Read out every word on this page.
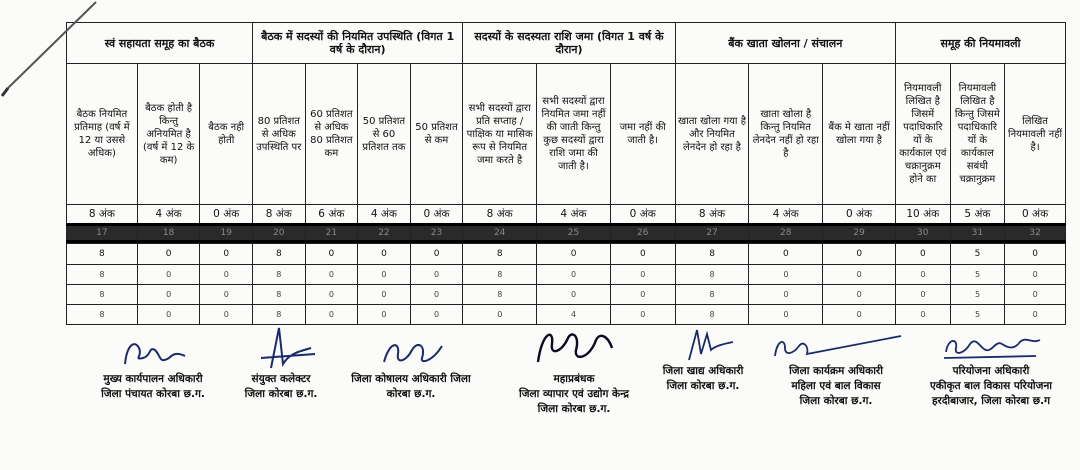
स्वं सहायता समूह का बैठक			बैठक में सदस्यों की नियमित उपस्थिति (विगत 1 वर्ष के दौरान)				सदस्यों के सदस्यता राशि जमा (विगत 1 वर्ष के दौरान)			बैंक खाता खोलना / संचालन			समूह की नियमावली		
बैठक नियमित प्रतिमाह (वर्ष में 12 या उससे अधिक)	बैठक होती है किन्तु अनियमित है (वर्ष में 12 के कम)	बैठक नही होती	80 प्रतिशत से अधिक उपस्थिति पर	60 प्रतिशत से अधिक 80 प्रतिशत कम	50 प्रतिशत से 60 प्रतिशत तक	50 प्रतिशत से कम	सभी सदस्यों द्वारा प्रति सप्ताह / पाक्षिक या मासिक रूप से नियमित जमा करते है	सभी सदस्यों द्वारा नियमित जमा नहीं की जाती किन्तु कुछ सदस्यों द्वारा राशि जमा की जाती है।	जमा नहीं की जाती है।	खाता खोला गया है और नियमित लेनदेन हो रहा है	खाता खोला है किन्तु नियमित लेनदेन नहीं हो रहा है	बैंक मे खाता नहीं खोला गया है	नियमावली लिखित है जिसमें पदाधिकारि यों के कार्यकाल एवं चक्रानुक्रम होने का	नियमावली लिखित है किन्तु जिसमे पदाधिकारि यों के कार्यकाल सबंधी चक्रानुक्रम	लिखित नियमावली नहीं है।
8 अंक	4 अंक	0 अंक	8 अंक	6 अंक	4 अंक	0 अंक	8 अंक	4 अंक	0 अंक	8 अंक	4 अंक	0 अंक	10 अंक	5 अंक	0 अंक
17	18	19	20	21	22	23	24	25	26	27	28	29	30	31	32
8	0	0	8	0	0	0	8	0	0	8	0	0	0	5	0
8	0	0	8	0	0	0	8	0	0	8	0	0	0	5	0
8	0	0	8	0	0	0	8	0	0	8	0	0	0	5	0
8	0	0	8	0	0	0	0	4	0	8	0	0	0	5	0
मुख्य कार्यपालन अधिकारी
जिला पंचायत कोरबा छ.ग.
संयुक्त कलेक्टर
जिला कोरबा छ.ग.
जिला कोषालय अधिकारी जिला
कोरबा छ.ग.
महाप्रबंधक
जिला व्यापार एवं उद्योग केन्द्र
जिला कोरबा छ.ग.
जिला खाद्य अधिकारी
जिला कोरबा छ.ग.
जिला कार्यक्रम अधिकारी
महिला एवं बाल विकास
जिला कोरबा छ.ग.
परियोजना अधिकारी
एकीकृत बाल विकास परियोजना
हरदीबाजार, जिला कोरबा छ.ग
